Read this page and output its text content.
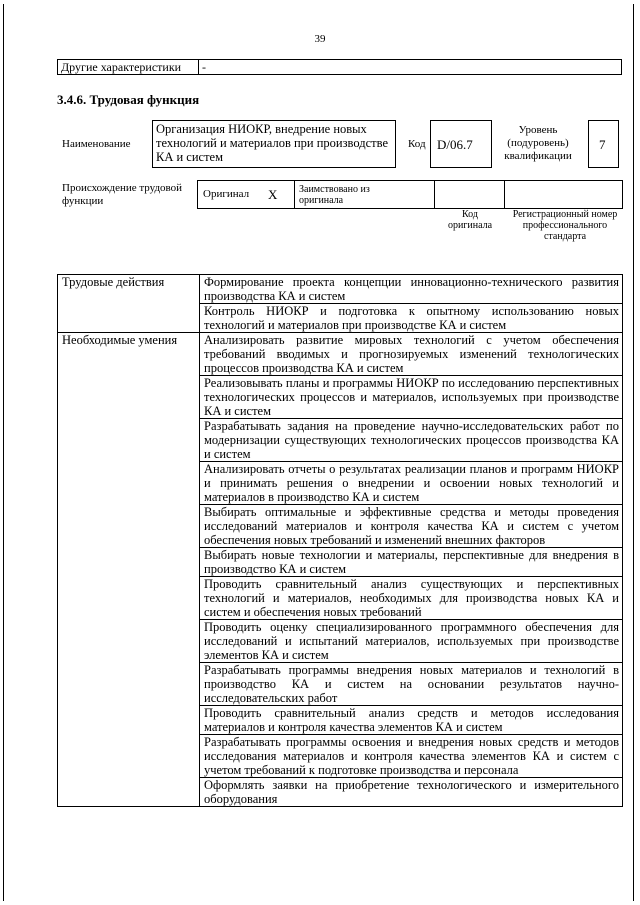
39
Другие характеристики	-
3.4.6. Трудовая функция
Наименование
Организация НИОКР, внедрение новых технологий и материалов при производстве КА и систем
Код D/06.7
Уровень (подуровень) квалификации
7
Происхождение трудовой функции
Оригинал X Заимствовано из оригинала
Код оригинала
Регистрационный номер профессионального стандарта
Трудовые действия	Формирование проекта концепции инновационно-технического развития производства КА и систем
	Контроль НИОКР и подготовка к опытному использованию новых технологий и материалов при производстве КА и систем
Необходимые умения	Анализировать развитие мировых технологий с учетом обеспечения требований вводимых и прогнозируемых изменений технологических процессов производства КА и систем
	Реализовывать планы и программы НИОКР по исследованию перспективных технологических процессов и материалов, используемых при производстве КА и систем
	Разрабатывать задания на проведение научно-исследовательских работ по модернизации существующих технологических процессов производства КА и систем
	Анализировать отчеты о результатах реализации планов и программ НИОКР и принимать решения о внедрении и освоении новых технологий и материалов в производство КА и систем
	Выбирать оптимальные и эффективные средства и методы проведения исследований материалов и контроля качества КА и систем с учетом обеспечения новых требований и изменений внешних факторов
	Выбирать новые технологии и материалы, перспективные для внедрения в производство КА и систем
	Проводить сравнительный анализ существующих и перспективных технологий и материалов, необходимых для производства новых КА и систем и обеспечения новых требований
	Проводить оценку специализированного программного обеспечения для исследований и испытаний материалов, используемых при производстве элементов КА и систем
	Разрабатывать программы внедрения новых материалов и технологий в производство КА и систем на основании результатов научно-исследовательских работ
	Проводить сравнительный анализ средств и методов исследования материалов и контроля качества элементов КА и систем
	Разрабатывать программы освоения и внедрения новых средств и методов исследования материалов и контроля качества элементов КА и систем с учетом требований к подготовке производства и персонала
	Оформлять заявки на приобретение технологического и измерительного оборудования
